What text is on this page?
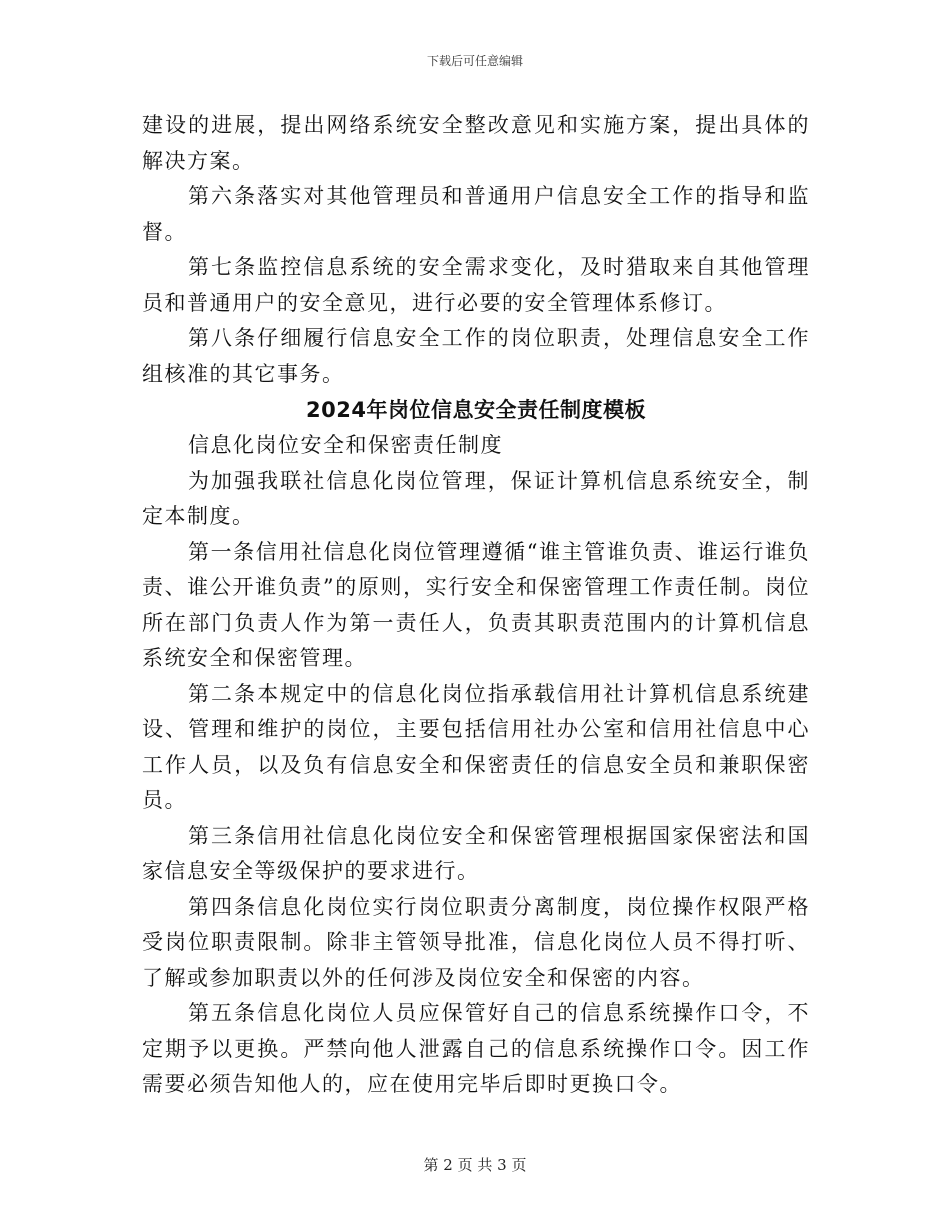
下载后可任意编辑

建设的进展，提出网络系统安全整改意见和实施方案，提出具体的解决方案。

第六条落实对其他管理员和普通用户信息安全工作的指导和监督。

第七条监控信息系统的安全需求变化，及时猎取来自其他管理员和普通用户的安全意见，进行必要的安全管理体系修订。

第八条仔细履行信息安全工作的岗位职责，处理信息安全工作组核准的其它事务。

2024年岗位信息安全责任制度模板

信息化岗位安全和保密责任制度

为加强我联社信息化岗位管理，保证计算机信息系统安全，制定本制度。

第一条信用社信息化岗位管理遵循“谁主管谁负责、谁运行谁负责、谁公开谁负责”的原则，实行安全和保密管理工作责任制。岗位所在部门负责人作为第一责任人，负责其职责范围内的计算机信息系统安全和保密管理。

第二条本规定中的信息化岗位指承载信用社计算机信息系统建设、管理和维护的岗位，主要包括信用社办公室和信用社信息中心工作人员，以及负有信息安全和保密责任的信息安全员和兼职保密员。

第三条信用社信息化岗位安全和保密管理根据国家保密法和国家信息安全等级保护的要求进行。

第四条信息化岗位实行岗位职责分离制度，岗位操作权限严格受岗位职责限制。除非主管领导批准，信息化岗位人员不得打听、了解或参加职责以外的任何涉及岗位安全和保密的内容。

第五条信息化岗位人员应保管好自己的信息系统操作口令，不定期予以更换。严禁向他人泄露自己的信息系统操作口令。因工作需要必须告知他人的，应在使用完毕后即时更换口令。

第 2 页 共 3 页
